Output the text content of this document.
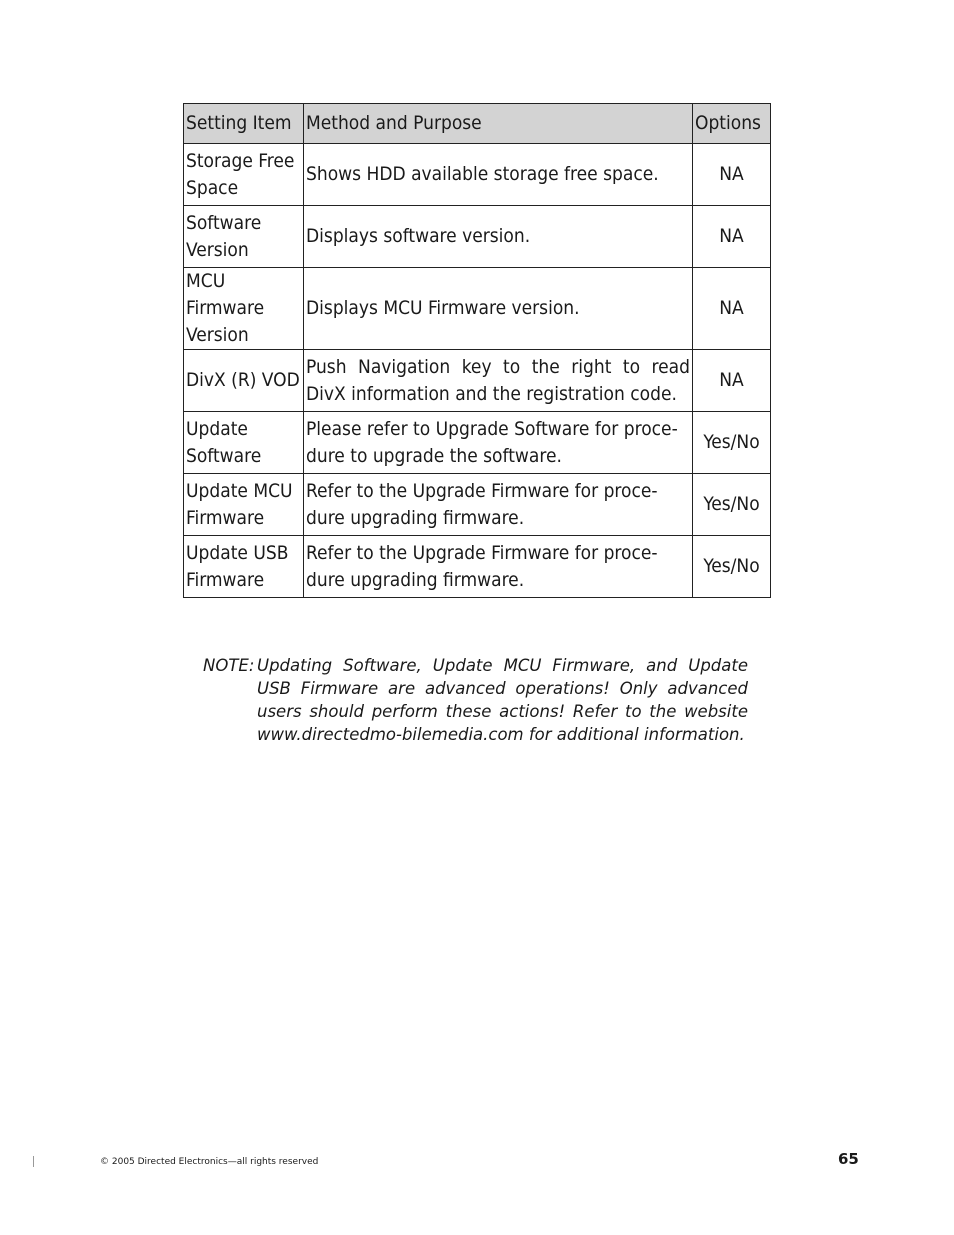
Setting Item	Method and Purpose	Options
Storage Free Space	Shows HDD available storage free space.	NA
Software Version	Displays software version.	NA
MCU Firmware Version	Displays MCU Firmware version.	NA
DivX (R) VOD	Push Navigation key to the right to read DivX information and the registration code.	NA
Update Software	Please refer to Upgrade Software for proce-dure to upgrade the software.	Yes/No
Update MCU Firmware	Refer to the Upgrade Firmware for proce-dure upgrading firmware.	Yes/No
Update USB Firmware	Refer to the Upgrade Firmware for proce-dure upgrading firmware.	Yes/No
NOTE: Updating Software, Update MCU Firmware, and Update USB Firmware are advanced operations! Only advanced users should perform these actions! Refer to the website www.directedmo-bilemedia.com for additional information.
© 2005 Directed Electronics—all rights reserved	65
